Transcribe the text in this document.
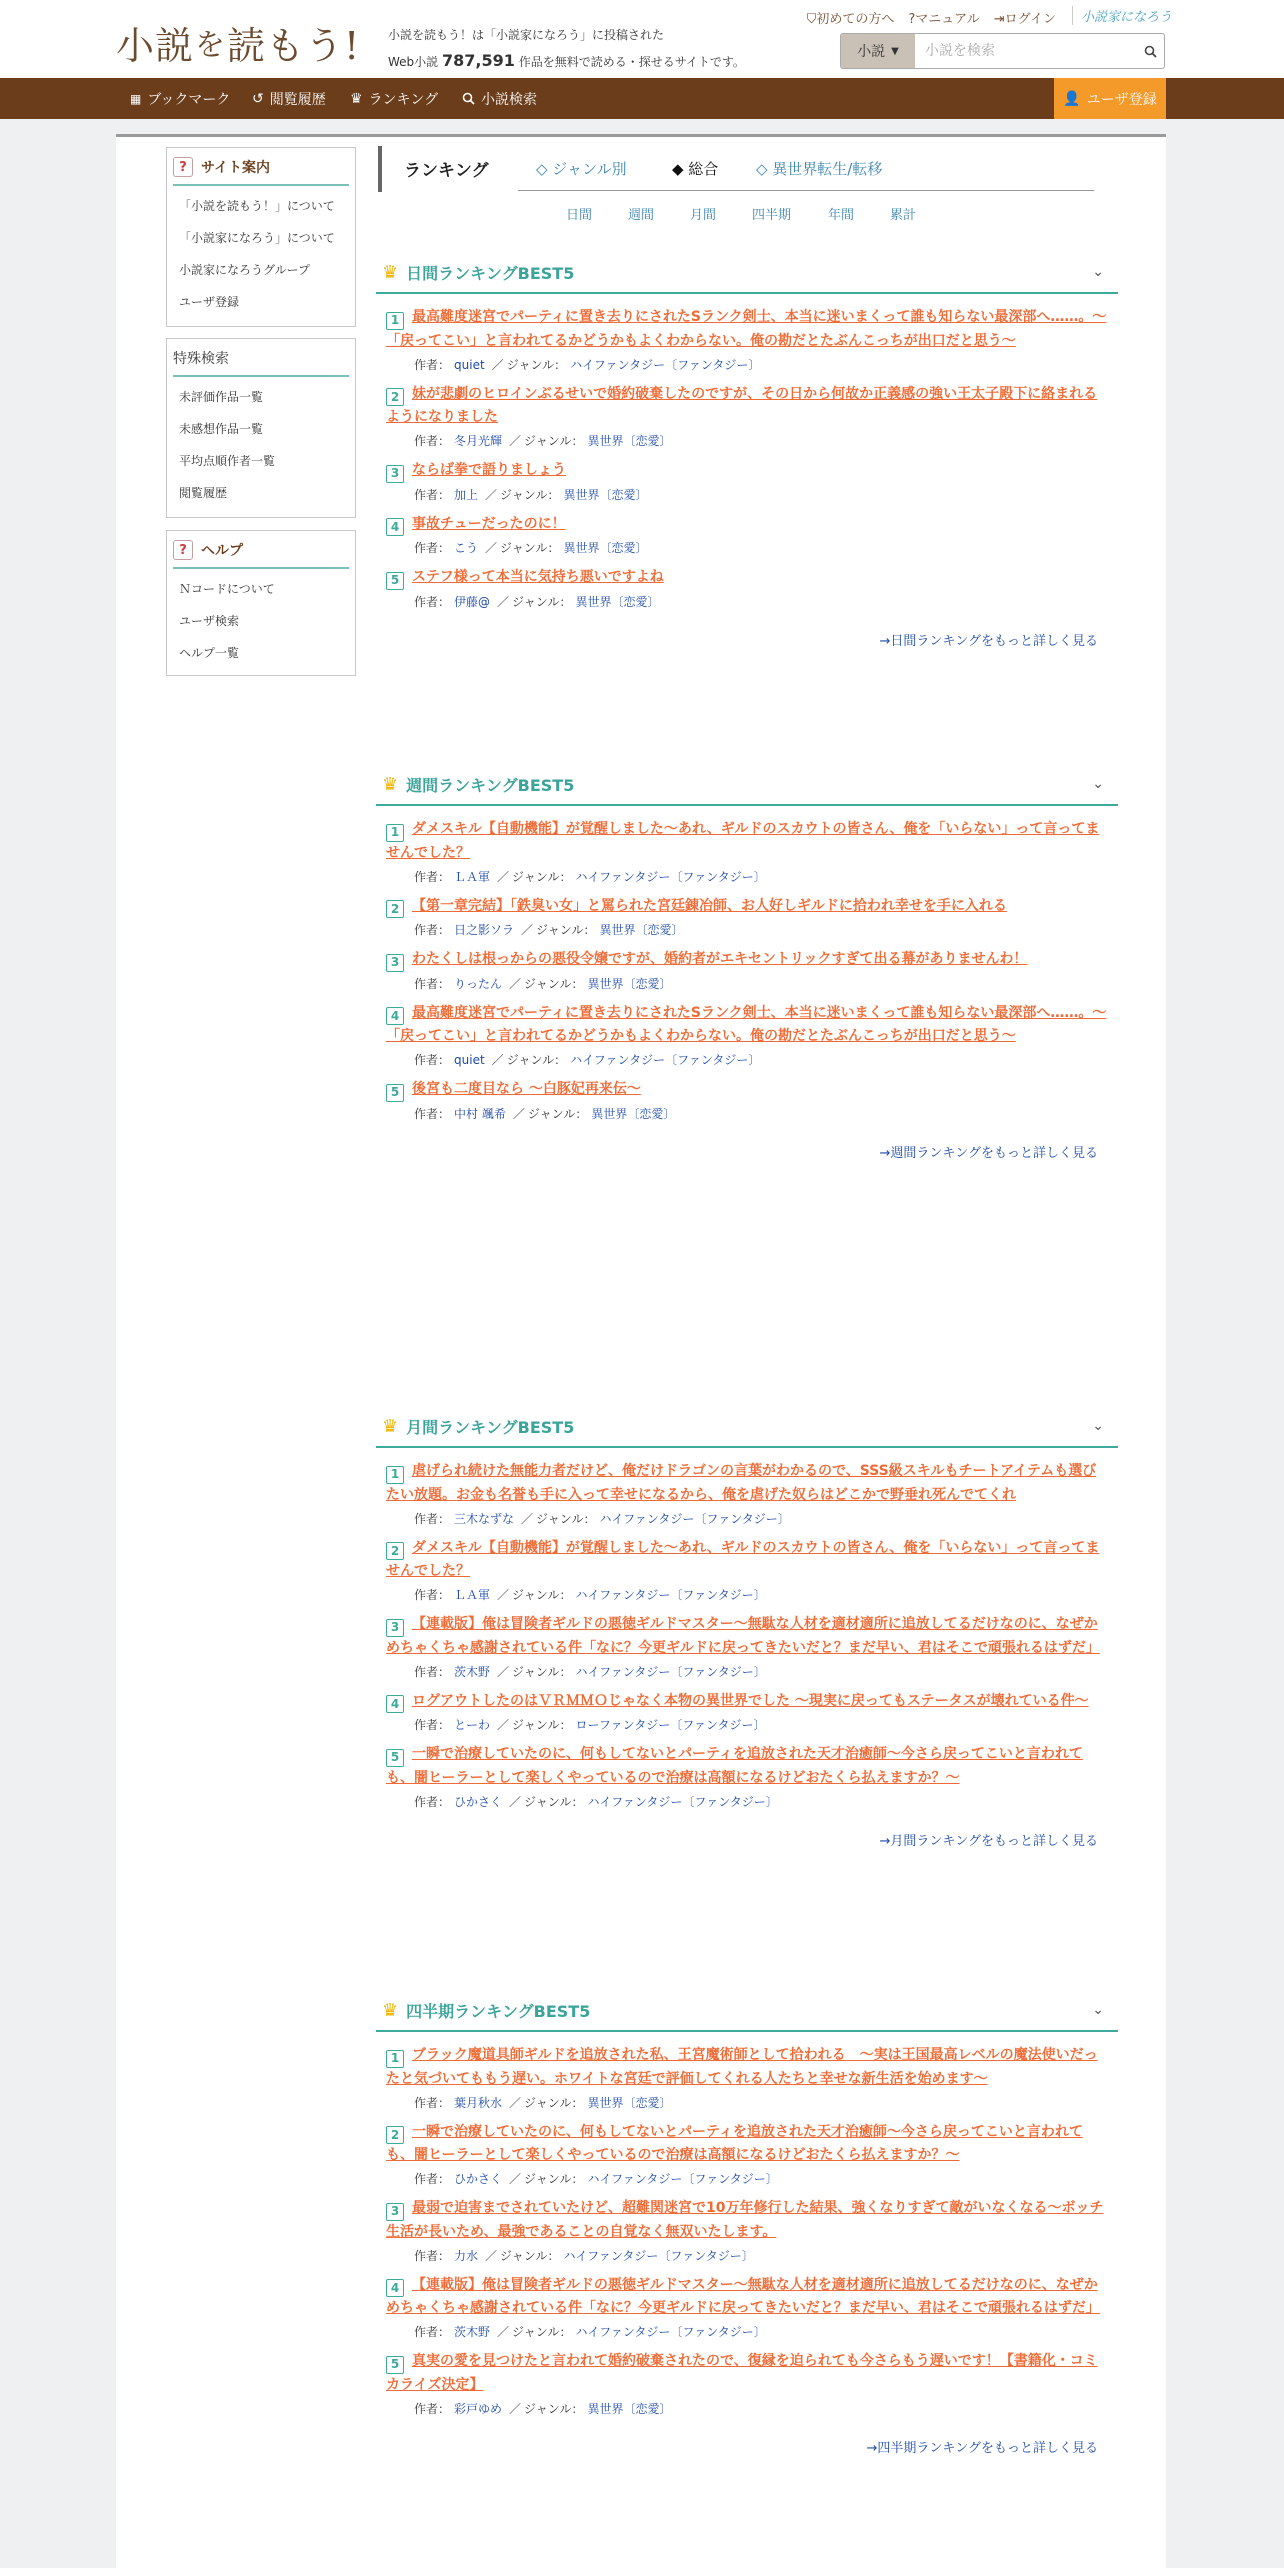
小説 を 読もう! 小説を読もう！は「小説家になろう」に投稿された
Web小説 787,591 作品を無料で読める・探せるサイトです。
⛉初めての方へ ?マニュアル ⇥ログイン	小説家になろう
小説 ▼
小説を検索
▦ ブックマーク ↺ 閲覧履歴 ♛ ランキング	小説検索	👤 ユーザ登録
?	サイト案内
「小説を読もう！」について
「小説家になろう」について
小説家になろうグループ
ユーザ登録
特殊検索
未評価作品一覧
未感想作品一覧
平均点順作者一覧
閲覧履歴
?	ヘルプ
Ｎコードについて
ユーザ検索
ヘルプ一覧
ランキング	◇ ジャンル別	◆ 総合	◇ 異世界転生/転移
日間	週間	月間	四半期	年間	累計
♛ 日間ランキングBEST5	⌄
1 最高難度迷宮でパーティに置き去りにされたSランク剣士、本当に迷いまくって誰も知らない最深部へ……。～「戻ってこい」と言われてるかどうかもよくわからない。俺の勘だとたぶんこっちが出口だと思う～
作者： quiet ／ ジャンル： ハイファンタジー〔ファンタジー〕
2 妹が悲劇のヒロインぶるせいで婚約破棄したのですが、その日から何故か正義感の強い王太子殿下に絡まれるようになりました
作者： 冬月光輝 ／ ジャンル： 異世界〔恋愛〕
3 ならば拳で語りましょう
作者： 加上 ／ ジャンル： 異世界〔恋愛〕
4 事故チューだったのに！
作者： こう ／ ジャンル： 異世界〔恋愛〕
5 ステフ様って本当に気持ち悪いですよね
作者： 伊藤@ ／ ジャンル： 異世界〔恋愛〕
→日間ランキングをもっと詳しく見る
♛ 週間ランキングBEST5	⌄
1 ダメスキル【自動機能】が覚醒しました〜あれ、ギルドのスカウトの皆さん、俺を「いらない」って言ってませんでした？
作者： ＬＡ軍 ／ ジャンル： ハイファンタジー〔ファンタジー〕
2 【第一章完結】「鉄臭い女」と罵られた宮廷錬冶師、お人好しギルドに拾われ幸せを手に入れる
作者： 日之影ソラ ／ ジャンル： 異世界〔恋愛〕
3 わたくしは根っからの悪役令嬢ですが、婚約者がエキセントリックすぎて出る幕がありませんわ！
作者： りったん ／ ジャンル： 異世界〔恋愛〕
4 最高難度迷宮でパーティに置き去りにされたSランク剣士、本当に迷いまくって誰も知らない最深部へ……。～「戻ってこい」と言われてるかどうかもよくわからない。俺の勘だとたぶんこっちが出口だと思う～
作者： quiet ／ ジャンル： ハイファンタジー〔ファンタジー〕
5 後宮も二度目なら 〜白豚妃再来伝〜
作者： 中村 颯希 ／ ジャンル： 異世界〔恋愛〕
→週間ランキングをもっと詳しく見る
♛ 月間ランキングBEST5	⌄
1 虐げられ続けた無能力者だけど、俺だけドラゴンの言葉がわかるので、SSS級スキルもチートアイテムも選びたい放題。お金も名誉も手に入って幸せになるから、俺を虐げた奴らはどこかで野垂れ死んでてくれ
作者： 三木なずな ／ ジャンル： ハイファンタジー〔ファンタジー〕
2 ダメスキル【自動機能】が覚醒しました〜あれ、ギルドのスカウトの皆さん、俺を「いらない」って言ってませんでした？
作者： ＬＡ軍 ／ ジャンル： ハイファンタジー〔ファンタジー〕
3 【連載版】俺は冒険者ギルドの悪徳ギルドマスター～無駄な人材を適材適所に追放してるだけなのに、なぜかめちゃくちゃ感謝されている件「なに？今更ギルドに戻ってきたいだと？まだ早い、君はそこで頑張れるはずだ」
作者： 茨木野 ／ ジャンル： ハイファンタジー〔ファンタジー〕
4 ログアウトしたのはＶＲＭＭＯじゃなく本物の異世界でした ～現実に戻ってもステータスが壊れている件～
作者： とーわ ／ ジャンル： ローファンタジー〔ファンタジー〕
5 一瞬で治療していたのに、何もしてないとパーティを追放された天才治癒師～今さら戻ってこいと言われても、闇ヒーラーとして楽しくやっているので治療は高額になるけどおたくら払えますか？～
作者： ひかさく ／ ジャンル： ハイファンタジー〔ファンタジー〕
→月間ランキングをもっと詳しく見る
♛ 四半期ランキングBEST5	⌄
1 ブラック魔道具師ギルドを追放された私、王宮魔術師として拾われる　～実は王国最高レベルの魔法使いだったと気づいてももう遅い。ホワイトな宮廷で評価してくれる人たちと幸せな新生活を始めます～
作者： 葉月秋水 ／ ジャンル： 異世界〔恋愛〕
2 一瞬で治療していたのに、何もしてないとパーティを追放された天才治癒師～今さら戻ってこいと言われても、闇ヒーラーとして楽しくやっているので治療は高額になるけどおたくら払えますか？～
作者： ひかさく ／ ジャンル： ハイファンタジー〔ファンタジー〕
3 最弱で迫害までされていたけど、超難関迷宮で10万年修行した結果、強くなりすぎて敵がいなくなる～ボッチ生活が長いため、最強であることの自覚なく無双いたします。
作者： 力水 ／ ジャンル： ハイファンタジー〔ファンタジー〕
4 【連載版】俺は冒険者ギルドの悪徳ギルドマスター～無駄な人材を適材適所に追放してるだけなのに、なぜかめちゃくちゃ感謝されている件「なに？今更ギルドに戻ってきたいだと？まだ早い、君はそこで頑張れるはずだ」
作者： 茨木野 ／ ジャンル： ハイファンタジー〔ファンタジー〕
5 真実の愛を見つけたと言われて婚約破棄されたので、復縁を迫られても今さらもう遅いです！【書籍化・コミカライズ決定】
作者： 彩戸ゆめ ／ ジャンル： 異世界〔恋愛〕
→四半期ランキングをもっと詳しく見る
